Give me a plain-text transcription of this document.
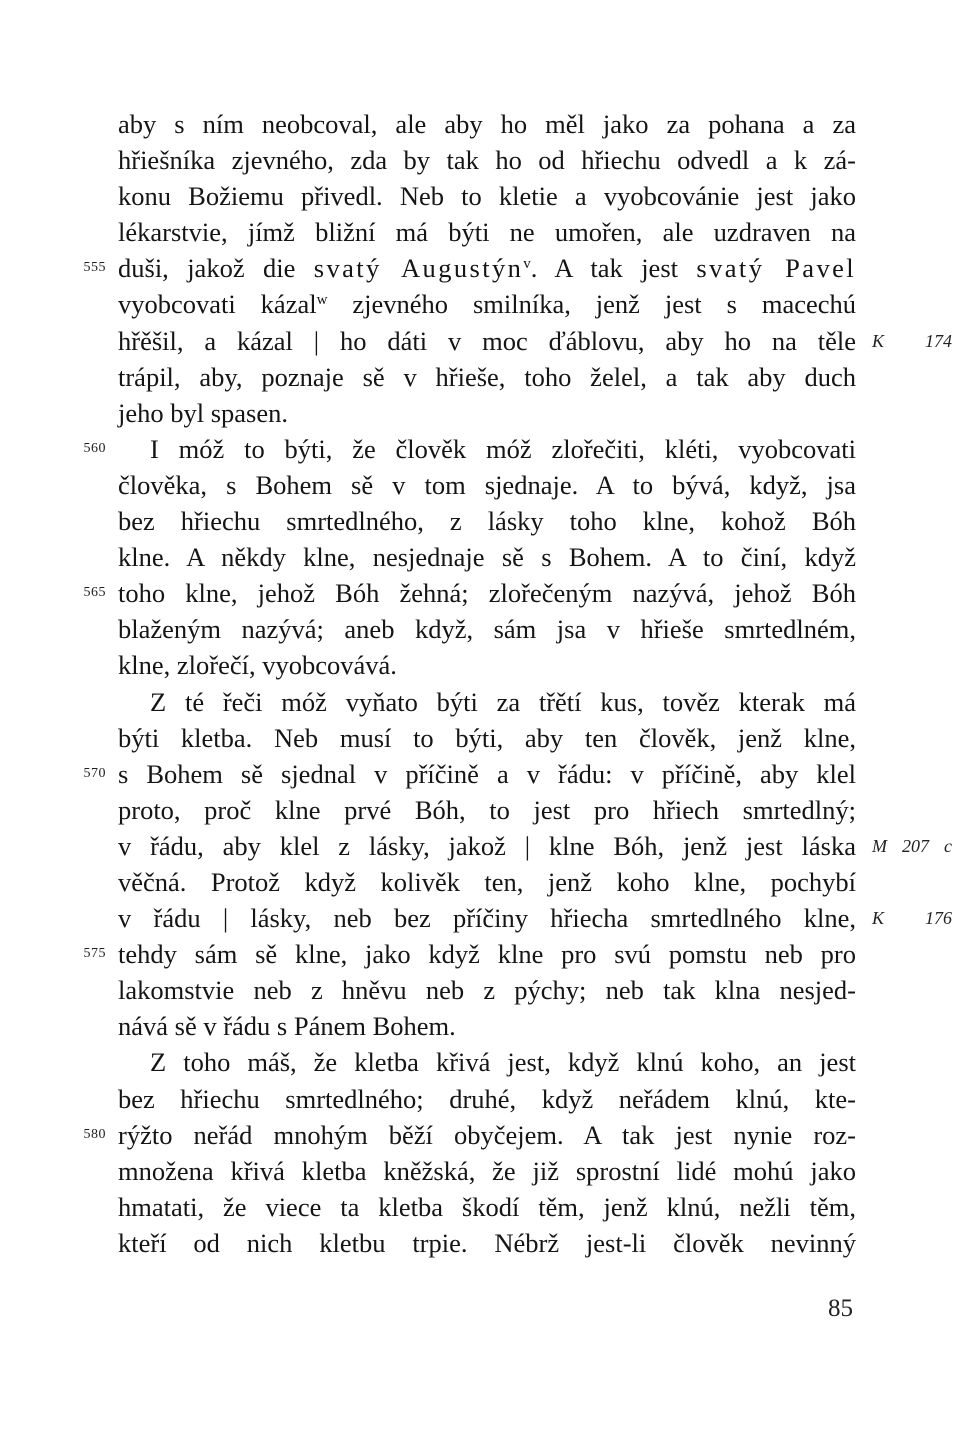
aby s ním neobcoval, ale aby ho měl jako za pohana a za
hřiešníka zjevného, zda by tak ho od hřiechu odvedl a k zá-
konu Božiemu přivedl. Neb to kletie a vyobcovánie jest jako
lékarstvie, jímž bližní má býti ne umořen, ale uzdraven na
555 duši, jakož die svatý Augustýn$^v$. A tak jest svatý Pavel
vyobcovati kázal$^w$ zjevného smilníka, jenž jest s macechú
hřěšil, a kázal | ho dáti v moc ďáblovu, aby ho na těle K 174
trápil, aby, poznaje sě v hřieše, toho želel, a tak aby duch
jeho byl spasen.
560 I móž to býti, že člověk móž zlořečiti, kléti, vyobcovati
člověka, s Bohem sě v tom sjednaje. A to bývá, když, jsa
bez hřiechu smrtedlného, z lásky toho klne, kohož Bóh
klne. A někdy klne, nesjednaje sě s Bohem. A to činí, když
565 toho klne, jehož Bóh žehná; zlořečeným nazývá, jehož Bóh
blaženým nazývá; aneb když, sám jsa v hřieše smrtedlném,
klne, zlořečí, vyobcovává.
Z té řeči móž vyňato býti za třětí kus, tověz kterak má
býti kletba. Neb musí to býti, aby ten člověk, jenž klne,
570 s Bohem sě sjednal v příčině a v řádu: v příčině, aby klel
proto, proč klne prvé Bóh, to jest pro hřiech smrtedlný;
v řádu, aby klel z lásky, jakož | klne Bóh, jenž jest láska M 207 c
věčná. Protož když kolivěk ten, jenž koho klne, pochybí
v řádu | lásky, neb bez příčiny hřiecha smrtedlného klne, K 176
575 tehdy sám sě klne, jako když klne pro svú pomstu neb pro
lakomstvie neb z hněvu neb z pýchy; neb tak klna nesjed-
nává sě v řádu s Pánem Bohem.
Z toho máš, že kletba křivá jest, když klnú koho, an jest
bez hřiechu smrtedlného; druhé, když neřádem klnú, kte-
580 rýžto neřád mnohým běží obyčejem. A tak jest nynie roz-
množena křivá kletba kněžská, že již sprostní lidé mohú jako
hmatati, že viece ta kletba škodí těm, jenž klnú, nežli těm,
kteří od nich kletbu trpie. Nébrž jest-li člověk nevinný
85
